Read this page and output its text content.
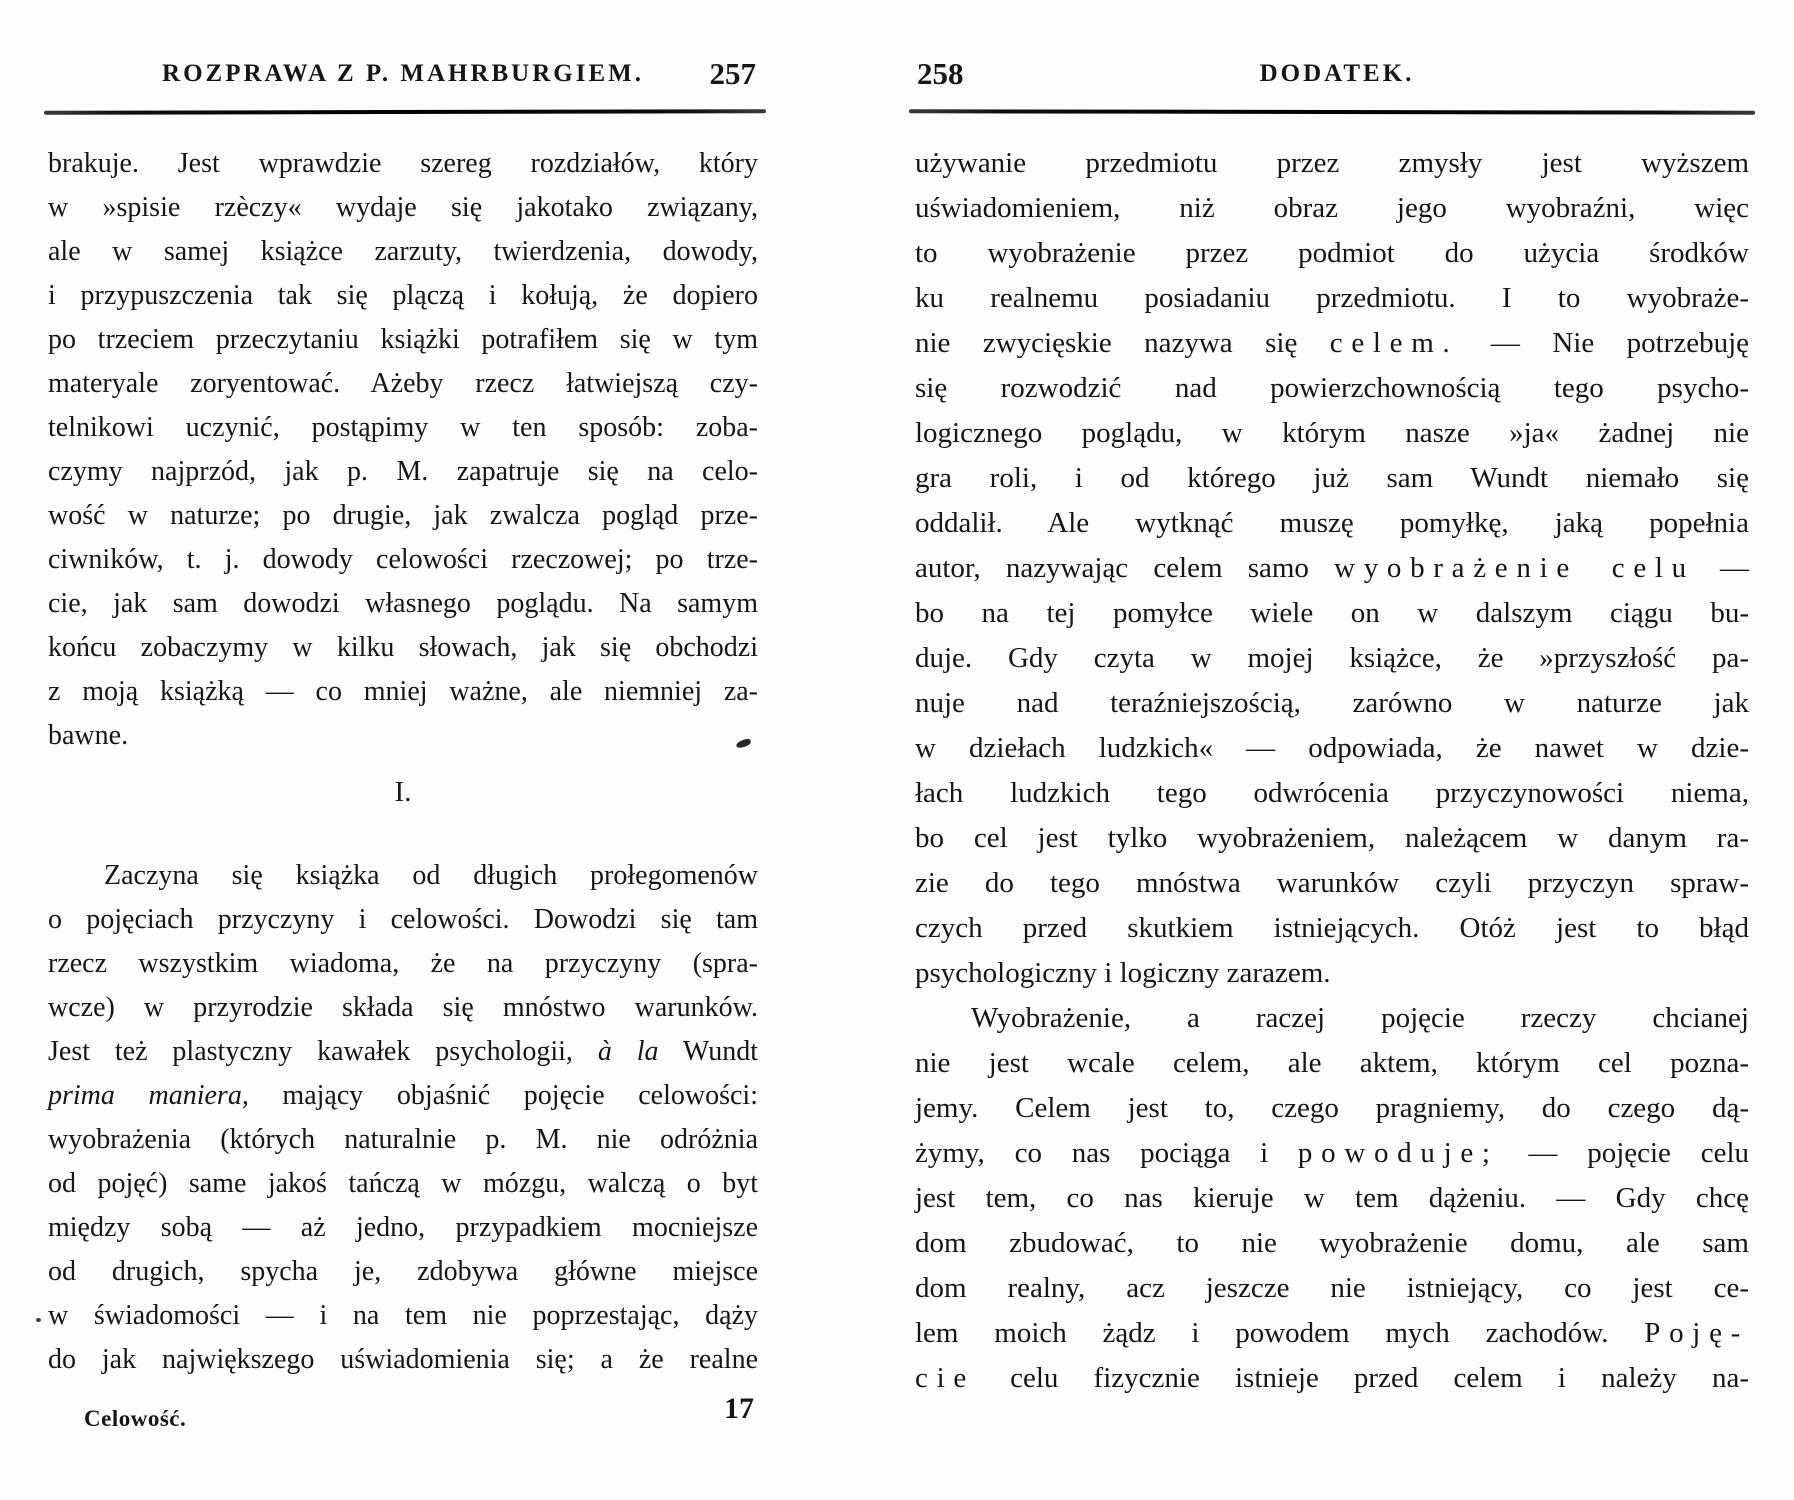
ROZPRAWA Z P. MAHRBURGIEM.	257
brakuje. Jest wprawdzie szereg rozdziałów, który
w »spisie rzèczy« wydaje się jakotako związany,
ale w samej książce zarzuty, twierdzenia, dowody,
i przypuszczenia tak się plączą i kołują, że dopiero
po trzeciem przeczytaniu książki potrafiłem się w tym
materyale zoryentować. Ażeby rzecz łatwiejszą czy-
telnikowi uczynić, postąpimy w ten sposób: zoba-
czymy najprzód, jak p. M. zapatruje się na celo-
wość w naturze; po drugie, jak zwalcza pogląd prze-
ciwników, t. j. dowody celowości rzeczowej; po trze-
cie, jak sam dowodzi własnego poglądu. Na samym
końcu zobaczymy w kilku słowach, jak się obchodzi
z moją książką — co mniej ważne, ale niemniej za-
bawne.
I.
Zaczyna się książka od długich prołegomenów
o pojęciach przyczyny i celowości. Dowodzi się tam
rzecz wszystkim wiadoma, że na przyczyny (spra-
wcze) w przyrodzie składa się mnóstwo warunków.
Jest też plastyczny kawałek psychologii, à la Wundt
prima maniera, mający objaśnić pojęcie celowości:
wyobrażenia (których naturalnie p. M. nie odróżnia
od pojęć) same jakoś tańczą w mózgu, walczą o byt
między sobą — aż jedno, przypadkiem mocniejsze
od drugich, spycha je, zdobywa główne miejsce
w świadomości — i na tem nie poprzestając, dąży
do jak największego uświadomienia się; a że realne
Celowość.	17
258	DODATEK.
używanie przedmiotu przez zmysły jest wyższem
uświadomieniem, niż obraz jego wyobraźni, więc
to wyobrażenie przez podmiot do użycia środków
ku realnemu posiadaniu przedmiotu. I to wyobraże-
nie zwycięskie nazywa się celem. — Nie potrzebuję
się rozwodzić nad powierzchownością tego psycho-
logicznego poglądu, w którym nasze »ja« żadnej nie
gra roli, i od którego już sam Wundt niemało się
oddalił. Ale wytknąć muszę pomyłkę, jaką popełnia
autor, nazywając celem samo wyobrażenie celu —
bo na tej pomyłce wiele on w dalszym ciągu bu-
duje. Gdy czyta w mojej książce, że »przyszłość pa-
nuje nad teraźniejszością, zarówno w naturze jak
w dziełach ludzkich« — odpowiada, że nawet w dzie-
łach ludzkich tego odwrócenia przyczynowości niema,
bo cel jest tylko wyobrażeniem, należącem w danym ra-
zie do tego mnóstwa warunków czyli przyczyn spraw-
czych przed skutkiem istniejących. Otóż jest to błąd
psychologiczny i logiczny zarazem.
Wyobrażenie, a raczej pojęcie rzeczy chcianej
nie jest wcale celem, ale aktem, którym cel pozna-
jemy. Celem jest to, czego pragniemy, do czego dą-
żymy, co nas pociąga i powoduje; — pojęcie celu
jest tem, co nas kieruje w tem dążeniu. — Gdy chcę
dom zbudować, to nie wyobrażenie domu, ale sam
dom realny, acz jeszcze nie istniejący, co jest ce-
lem moich żądz i powodem mych zachodów. Poję-
cie celu fizycznie istnieje przed celem i należy na-
